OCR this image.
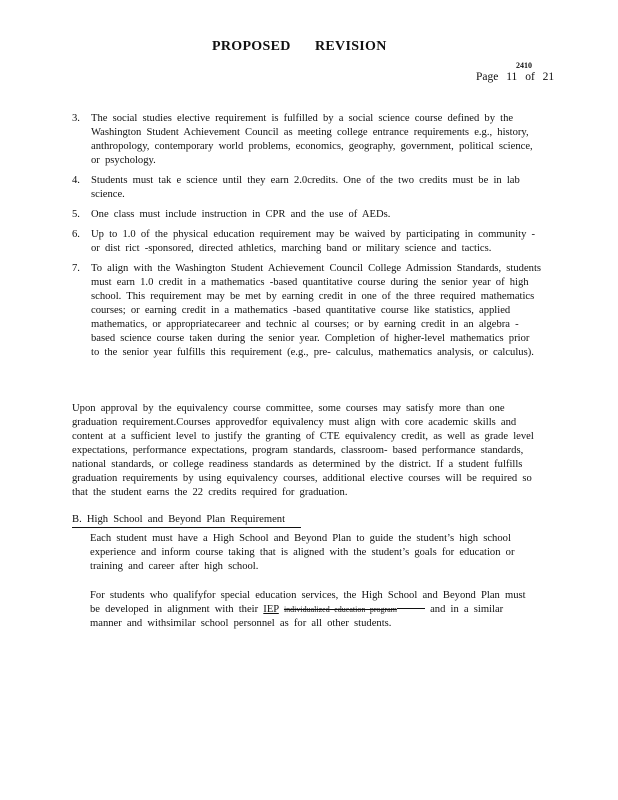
PROPOSED REVISION
2410
Page 11 of 21
3. The social studies elective requirement is fulfilled by a social science course defined by the Washington Student Achievement Council as meeting college entrance requirements e.g., history, anthropology, contemporary world problems, economics, geography, government, political science, or psychology.
4. Students must tak e science until they earn 2.0credits. One of the two credits must be in lab science.
5. One class must include instruction in CPR and the use of AEDs.
6. Up to 1.0 of the physical education requirement may be waived by participating in community - or dist rict -sponsored, directed athletics, marching band or military science and tactics.
7. To align with the Washington Student Achievement Council College Admission Standards, students must earn 1.0 credit in a mathematics -based quantitative course during the senior year of high school. This requirement may be met by earning credit in one of the three required mathematics courses; or earning credit in a mathematics -based quantitative course like statistics, applied mathematics, or appropriatecareer and technic al courses; or by earning credit in an algebra -based science course taken during the senior year. Completion of higher-level mathematics prior to the senior year fulfills this requirement (e.g., pre- calculus, mathematics analysis, or calculus).
Upon approval by the equivalency course committee, some courses may satisfy more than one graduation requirement.Courses approvedfor equivalency must align with core academic skills and content at a sufficient level to justify the granting of CTE equivalency credit, as well as grade level expectations, performance expectations, program standards, classroom- based performance standards, national standards, or college readiness standards as determined by the district. If a student fulfills graduation requirements by using equivalency courses, additional elective courses will be required so that the student earns the 22 credits required for graduation.
B. High School and Beyond Plan Requirement
Each student must have a High School and Beyond Plan to guide the student’s high school experience and inform course taking that is aligned with the student’s goals for education or training and career after high school.
For students who qualifyfor special education services, the High School and Beyond Plan must be developed in alignment with their IEP individualized education program	and in a similar manner and withsimilar school personnel as for all other students.
